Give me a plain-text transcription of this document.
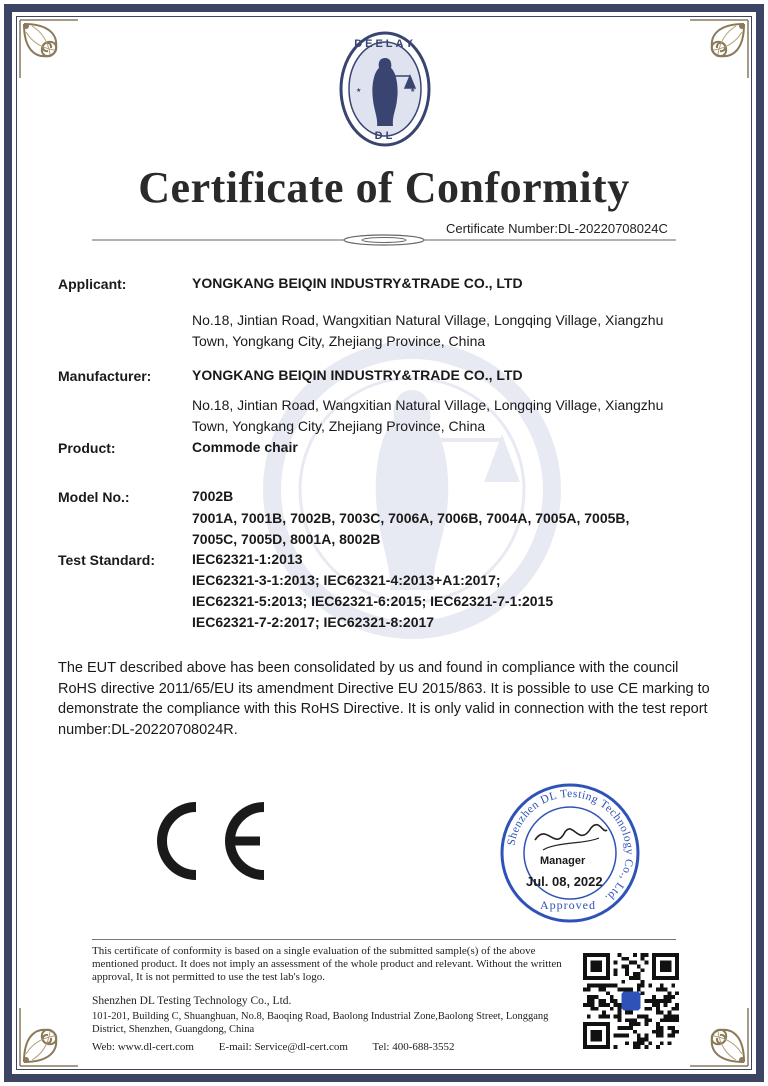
★	★
DEELAY
DL
Certificate of Conformity
Certificate Number:DL-20220708024C
Applicant:	YONGKANG BEIQIN INDUSTRY&TRADE CO., LTD
No.18, Jintian Road, Wangxitian Natural Village, Longqing Village, Xiangzhu
Town, Yongkang City, Zhejiang Province, China
Manufacturer:	YONGKANG BEIQIN INDUSTRY&TRADE CO., LTD
No.18, Jintian Road, Wangxitian Natural Village, Longqing Village, Xiangzhu
Town, Yongkang City, Zhejiang Province, China
Product:	Commode chair
Model No.:	7002B
7001A, 7001B, 7002B, 7003C, 7006A, 7006B, 7004A, 7005A, 7005B,
7005C, 7005D, 8001A, 8002B
Test Standard:	IEC62321-1:2013
IEC62321-3-1:2013; IEC62321-4:2013+A1:2017;
IEC62321-5:2013; IEC62321-6:2015; IEC62321-7-1:2015
IEC62321-7-2:2017; IEC62321-8:2017
The EUT described above has been consolidated by us and found in compliance with the council RoHS directive 2011/65/EU its amendment Directive EU 2015/863. It is possible to use CE marking to demonstrate the compliance with this RoHS Directive. It is only valid in connection with the test report number:DL-20220708024R.
CE
Shenzhen DL Testing Technology Co., Ltd.
Manager
Jul. 08, 2022
Approved
This certificate of conformity is based on a single evaluation of the submitted sample(s) of the above mentioned product. It does not imply an assessment of the whole product and relevant. Without the written approval, It is not permitted to use the test lab's logo.
Shenzhen DL Testing Technology Co., Ltd.
101-201, Building C, Shuanghuan, No.8, Baoqing Road, Baolong Industrial Zone,Baolong Street, Longgang District, Shenzhen, Guangdong, China
Web: www.dl-cert.com E-mail: Service@dl-cert.com Tel: 400-688-3552
